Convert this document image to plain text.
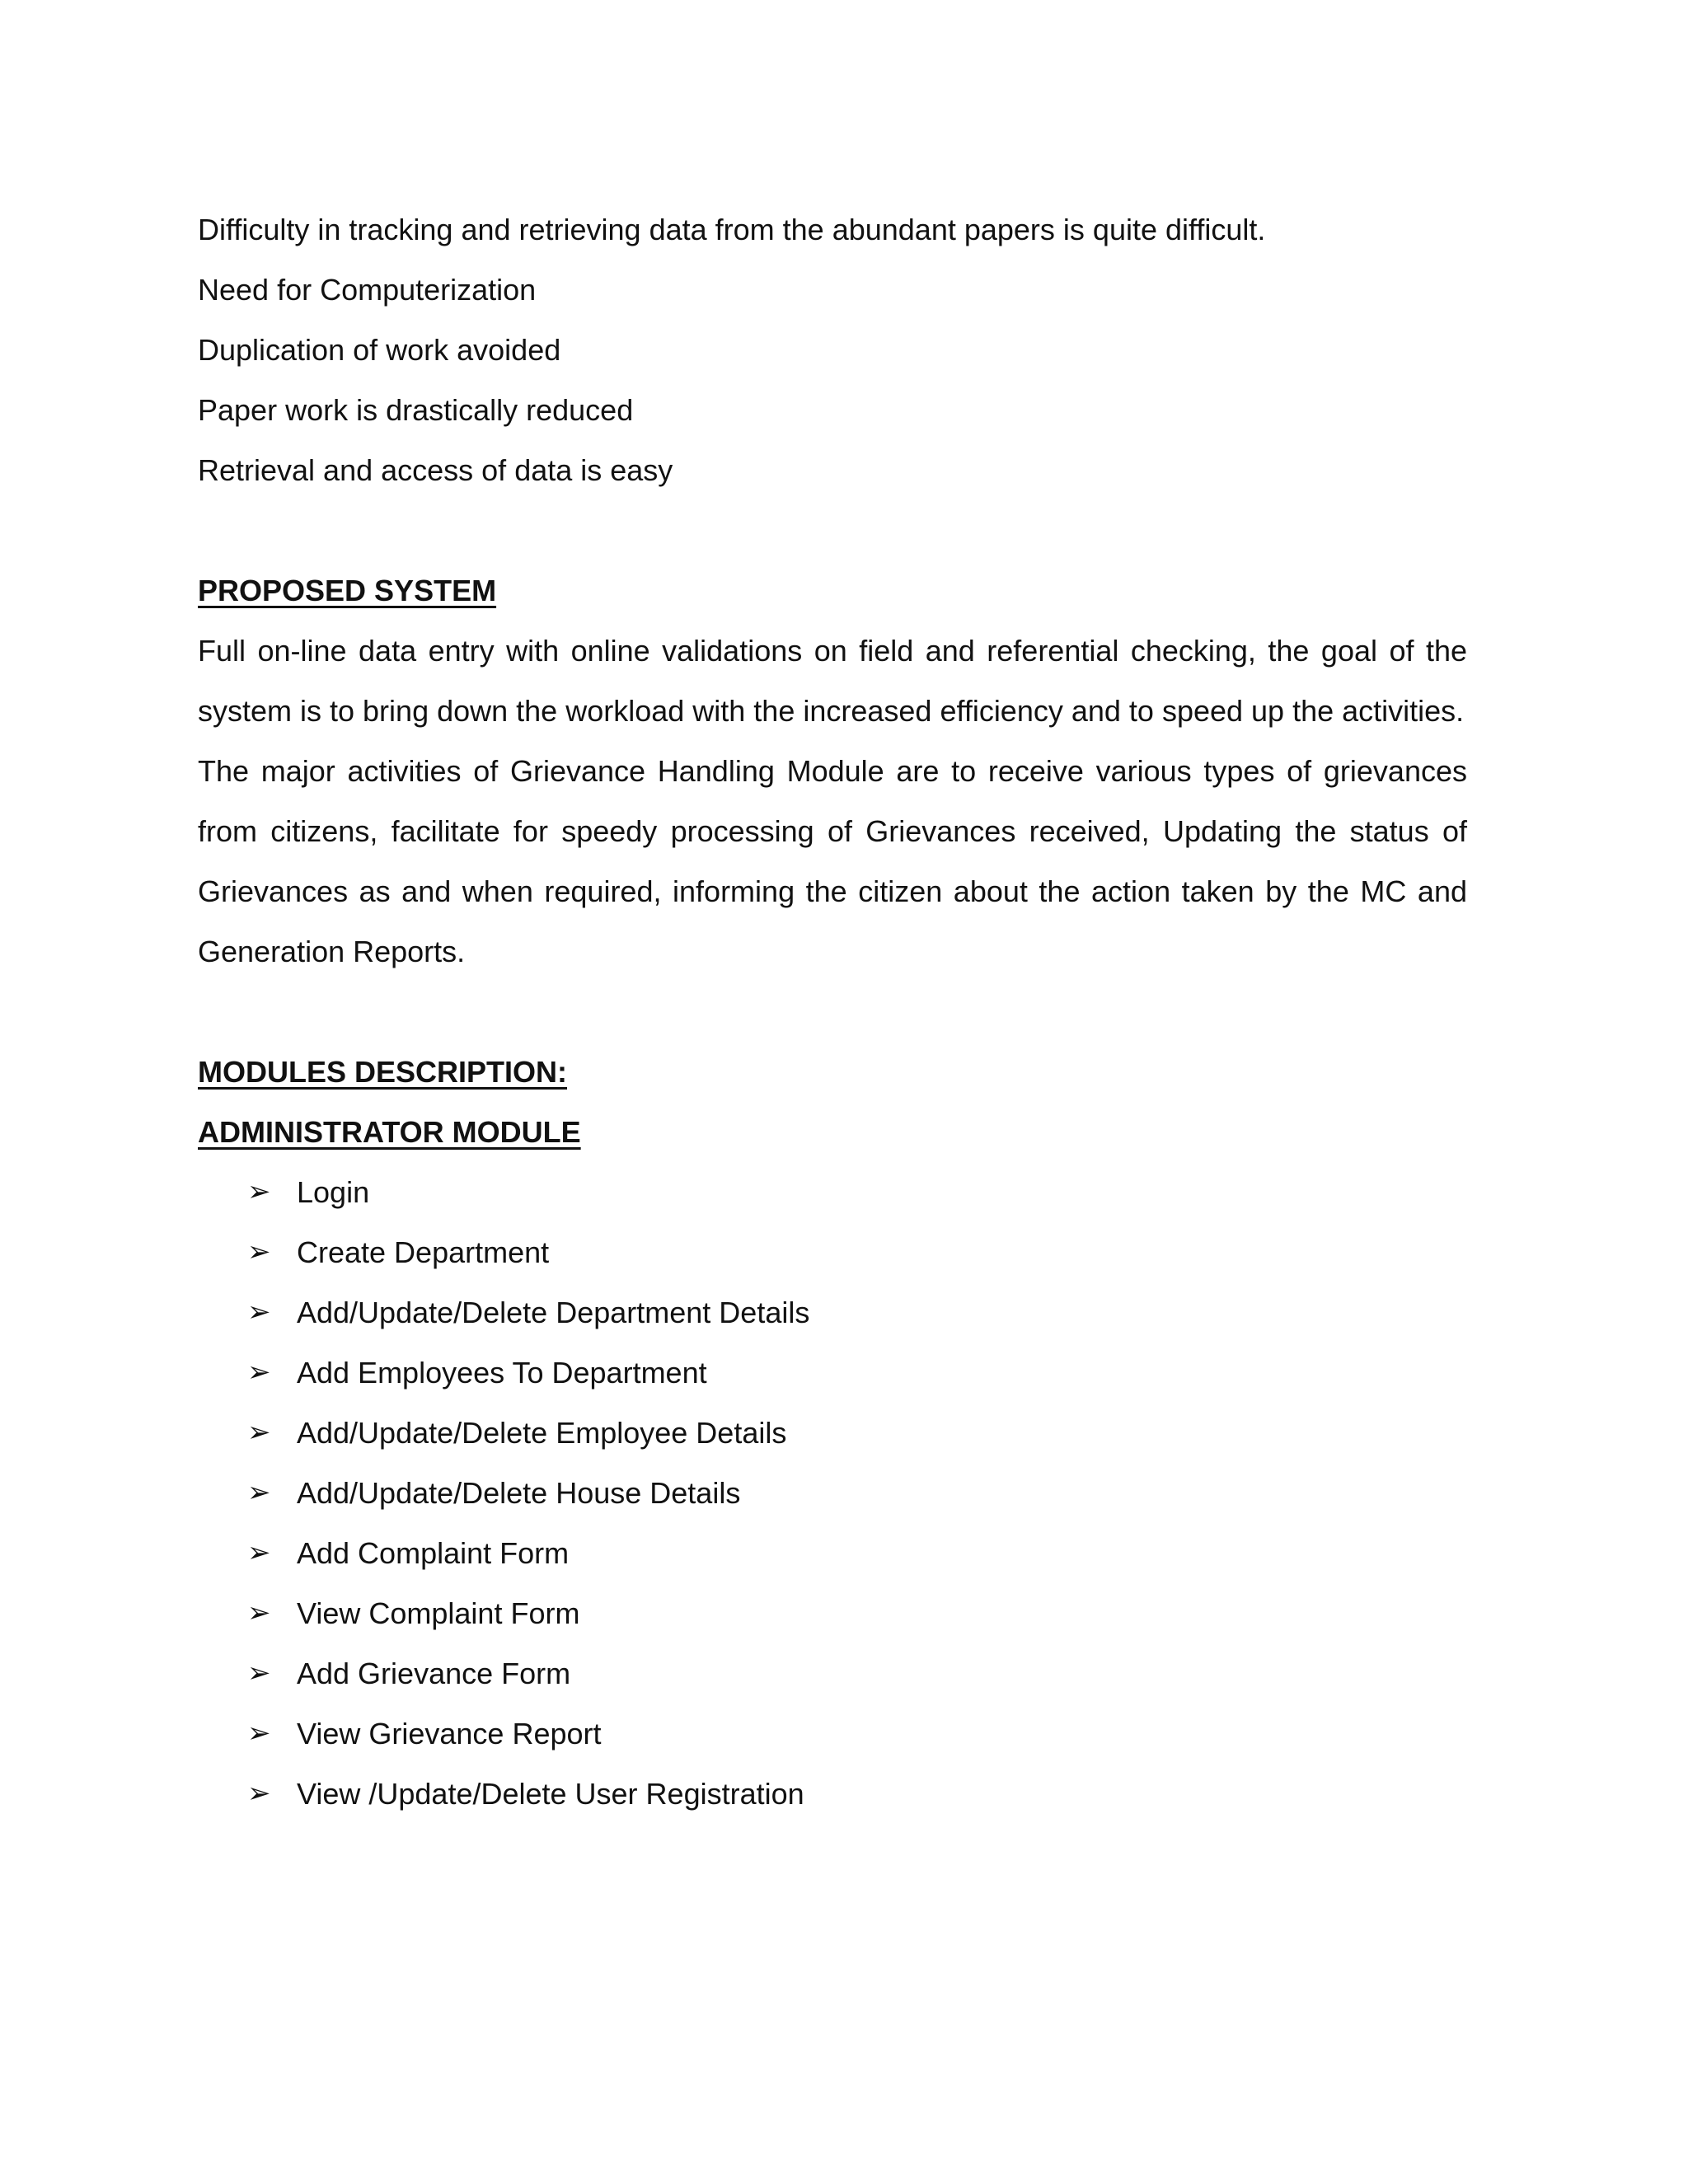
Difficulty in tracking and retrieving data from the abundant papers is quite difficult.

Need for Computerization

Duplication of work avoided

Paper work is drastically reduced

Retrieval and access of data is easy

PROPOSED SYSTEM

Full on-line data entry with online validations on field and referential checking, the goal of the system is to bring down the workload with the increased efficiency and to speed up the activities.

The major activities of Grievance Handling Module are to receive various types of grievances from citizens, facilitate for speedy processing of Grievances received, Updating the status of Grievances as and when required, informing the citizen about the action taken by the MC and Generation Reports.

MODULES DESCRIPTION:

ADMINISTRATOR MODULE

➢ Login
➢ Create Department
➢ Add/Update/Delete Department Details
➢ Add Employees To Department
➢ Add/Update/Delete Employee Details
➢ Add/Update/Delete House Details
➢ Add Complaint Form
➢ View Complaint Form
➢ Add Grievance Form
➢ View Grievance Report
➢ View /Update/Delete User Registration
